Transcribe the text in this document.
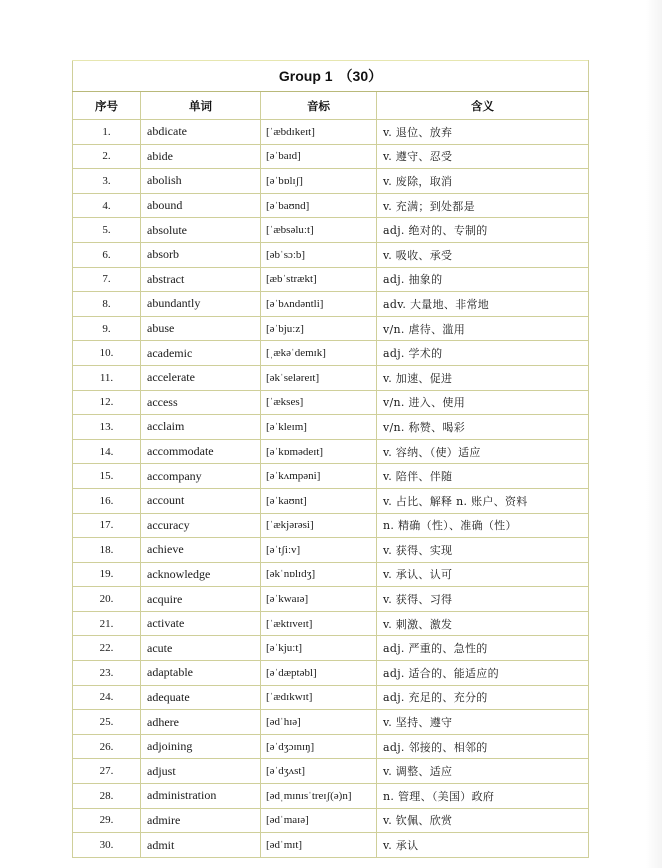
Group 1 （30）			
序号	单词	音标	含义
1.	abdicate	[ˈæbdɪkeɪt]	v. 退位、放弃
2.	abide	[əˈbaɪd]	v. 遵守、忍受
3.	abolish	[əˈbɒlɪʃ]	v. 废除，取消
4.	abound	[əˈbaʊnd]	v. 充满；到处都是
5.	absolute	[ˈæbsəluːt]	adj. 绝对的、专制的
6.	absorb	[əbˈsɔːb]	v. 吸收、承受
7.	abstract	[æbˈstrækt]	adj. 抽象的
8.	abundantly	[əˈbʌndəntli]	adv. 大量地、非常地
9.	abuse	[əˈbjuːz]	v/n. 虐待、滥用
10.	academic	[ˌækəˈdemɪk]	adj. 学术的
11.	accelerate	[əkˈseləreɪt]	v. 加速、促进
12.	access	[ˈækses]	v/n. 进入、使用
13.	acclaim	[əˈkleɪm]	v/n. 称赞、喝彩
14.	accommodate	[əˈkɒmədeɪt]	v. 容纳、（使）适应
15.	accompany	[əˈkʌmpəni]	v. 陪伴、伴随
16.	account	[əˈkaʊnt]	v. 占比、解释 n. 账户、资料
17.	accuracy	[ˈækjərəsi]	n. 精确（性）、准确（性）
18.	achieve	[əˈtʃiːv]	v. 获得、实现
19.	acknowledge	[əkˈnɒlɪdʒ]	v. 承认、认可
20.	acquire	[əˈkwaɪə]	v. 获得、习得
21.	activate	[ˈæktɪveɪt]	v. 刺激、激发
22.	acute	[əˈkjuːt]	adj. 严重的、急性的
23.	adaptable	[əˈdæptəbl]	adj. 适合的、能适应的
24.	adequate	[ˈædɪkwɪt]	adj. 充足的、充分的
25.	adhere	[ədˈhɪə]	v. 坚持、遵守
26.	adjoining	[əˈdʒɔɪnɪŋ]	adj. 邻接的、相邻的
27.	adjust	[əˈdʒʌst]	v. 调整、适应
28.	administration	[ədˌmɪnɪsˈtreɪʃ(ə)n]	n. 管理、（美国）政府
29.	admire	[ədˈmaɪə]	v. 钦佩、欣赏
30.	admit	[ədˈmɪt]	v. 承认
